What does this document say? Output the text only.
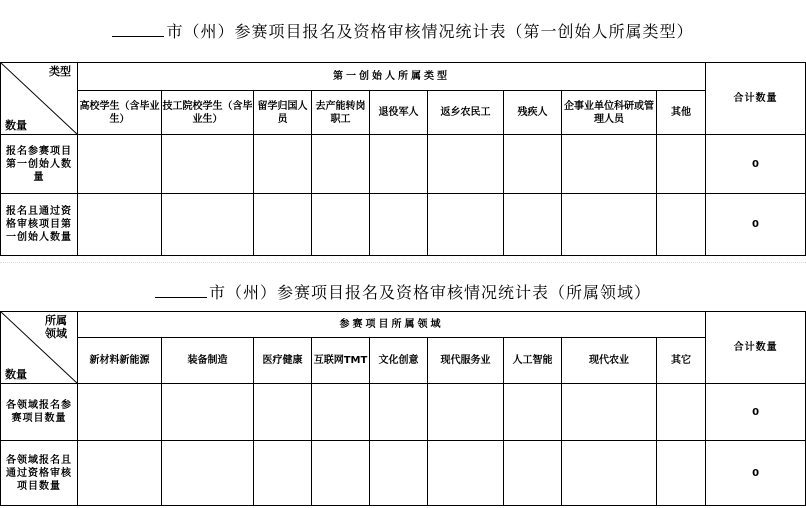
市（州）参赛项目报名及资格审核情况统计表（第一创始人所属类型）
类型
数量	第一创始人所属类型									合计数量
	高校学生（含毕业生）	技工院校学生（含毕业生）	留学归国人员	去产能转岗职工	退役军人	返乡农民工	残疾人	企事业单位科研或管理人员	其他	
报名参赛项目第一创始人数量										0
报名且通过资格审核项目第一创始人数量										0
市（州）参赛项目报名及资格审核情况统计表（所属领域）
所属领域
数量	参赛项目所属领域									合计数量
	新材料新能源	装备制造	医疗健康	互联网TMT	文化创意	现代服务业	人工智能	现代农业	其它	
各领域报名参赛项目数量										0
各领域报名且通过资格审核项目数量										0
